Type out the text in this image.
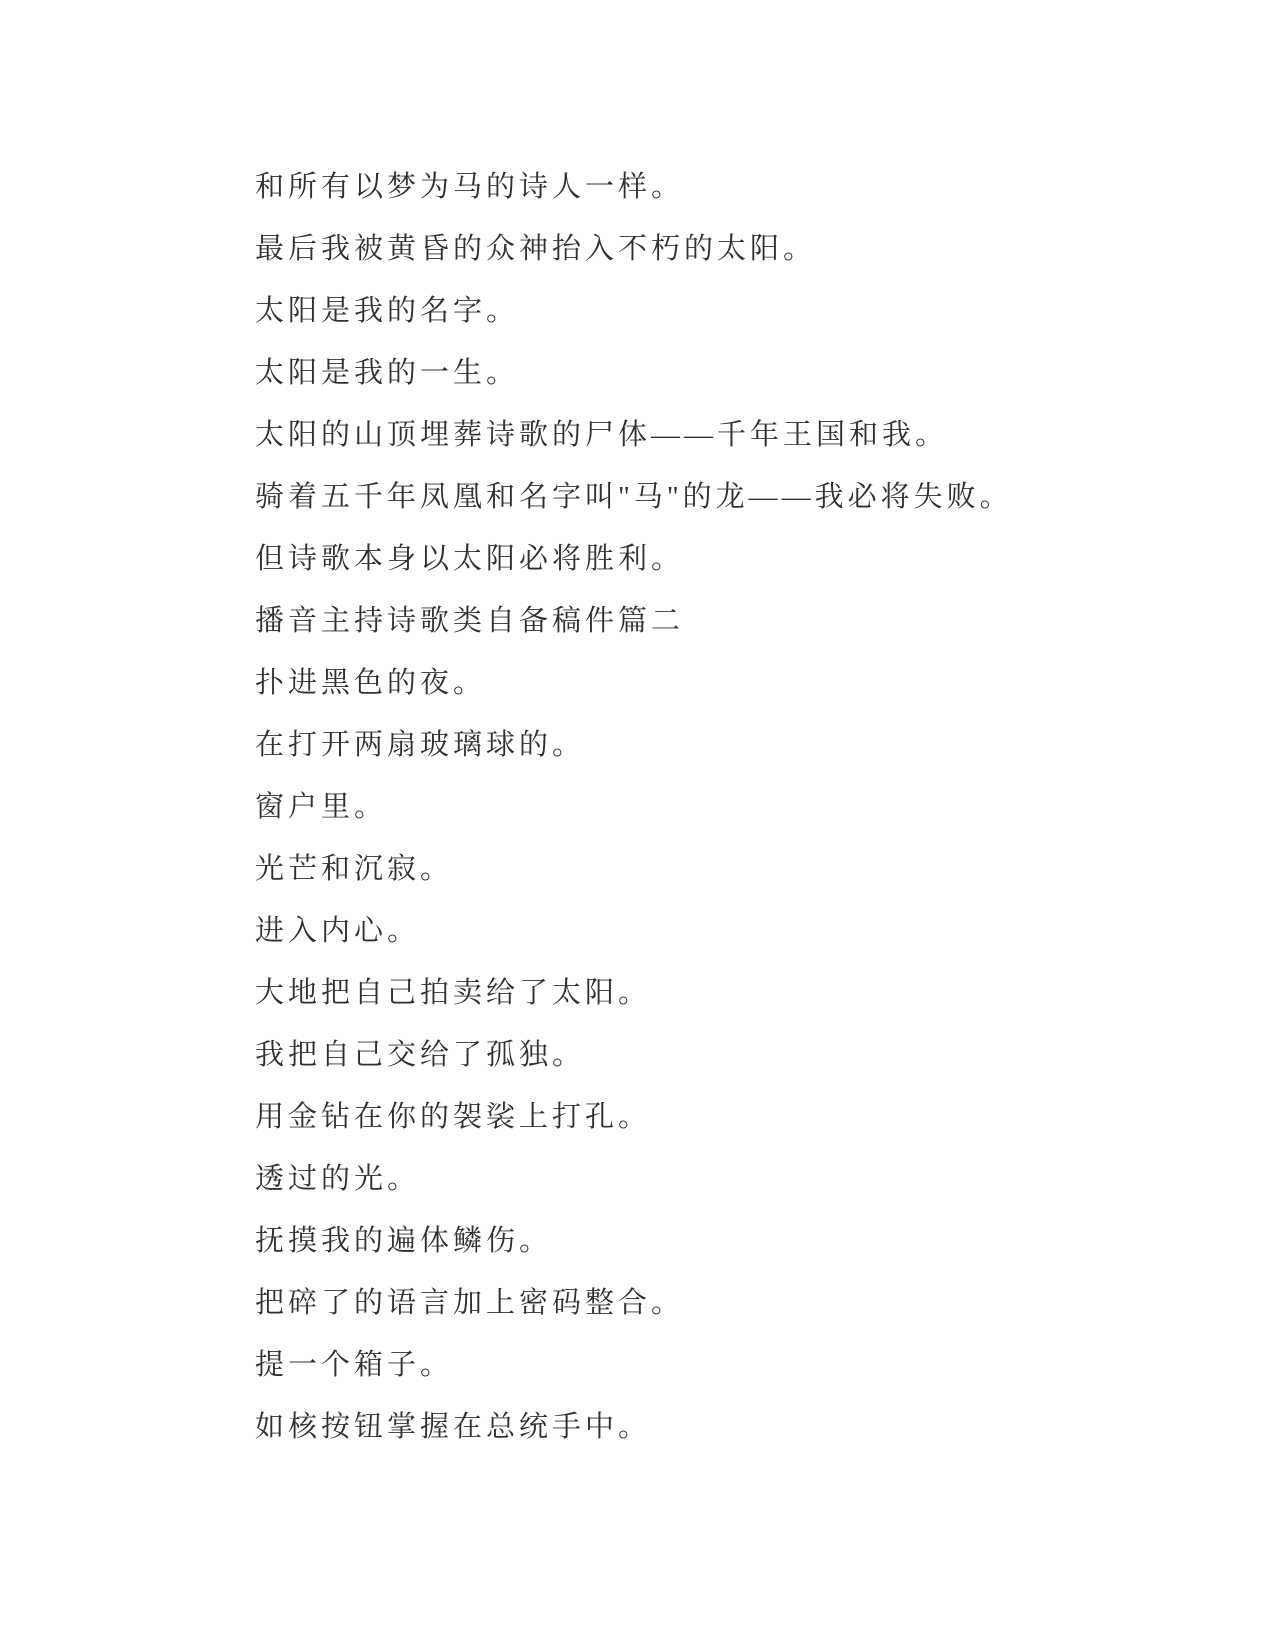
和所有以梦为马的诗人一样。

最后我被黄昏的众神抬入不朽的太阳。

太阳是我的名字。

太阳是我的一生。

太阳的山顶埋葬诗歌的尸体——千年王国和我。

骑着五千年凤凰和名字叫"马"的龙——我必将失败。

但诗歌本身以太阳必将胜利。

播音主持诗歌类自备稿件篇二

扑进黑色的夜。

在打开两扇玻璃球的。

窗户里。

光芒和沉寂。

进入内心。

大地把自己拍卖给了太阳。

我把自己交给了孤独。

用金钻在你的袈裟上打孔。

透过的光。

抚摸我的遍体鳞伤。

把碎了的语言加上密码整合。

提一个箱子。

如核按钮掌握在总统手中。
